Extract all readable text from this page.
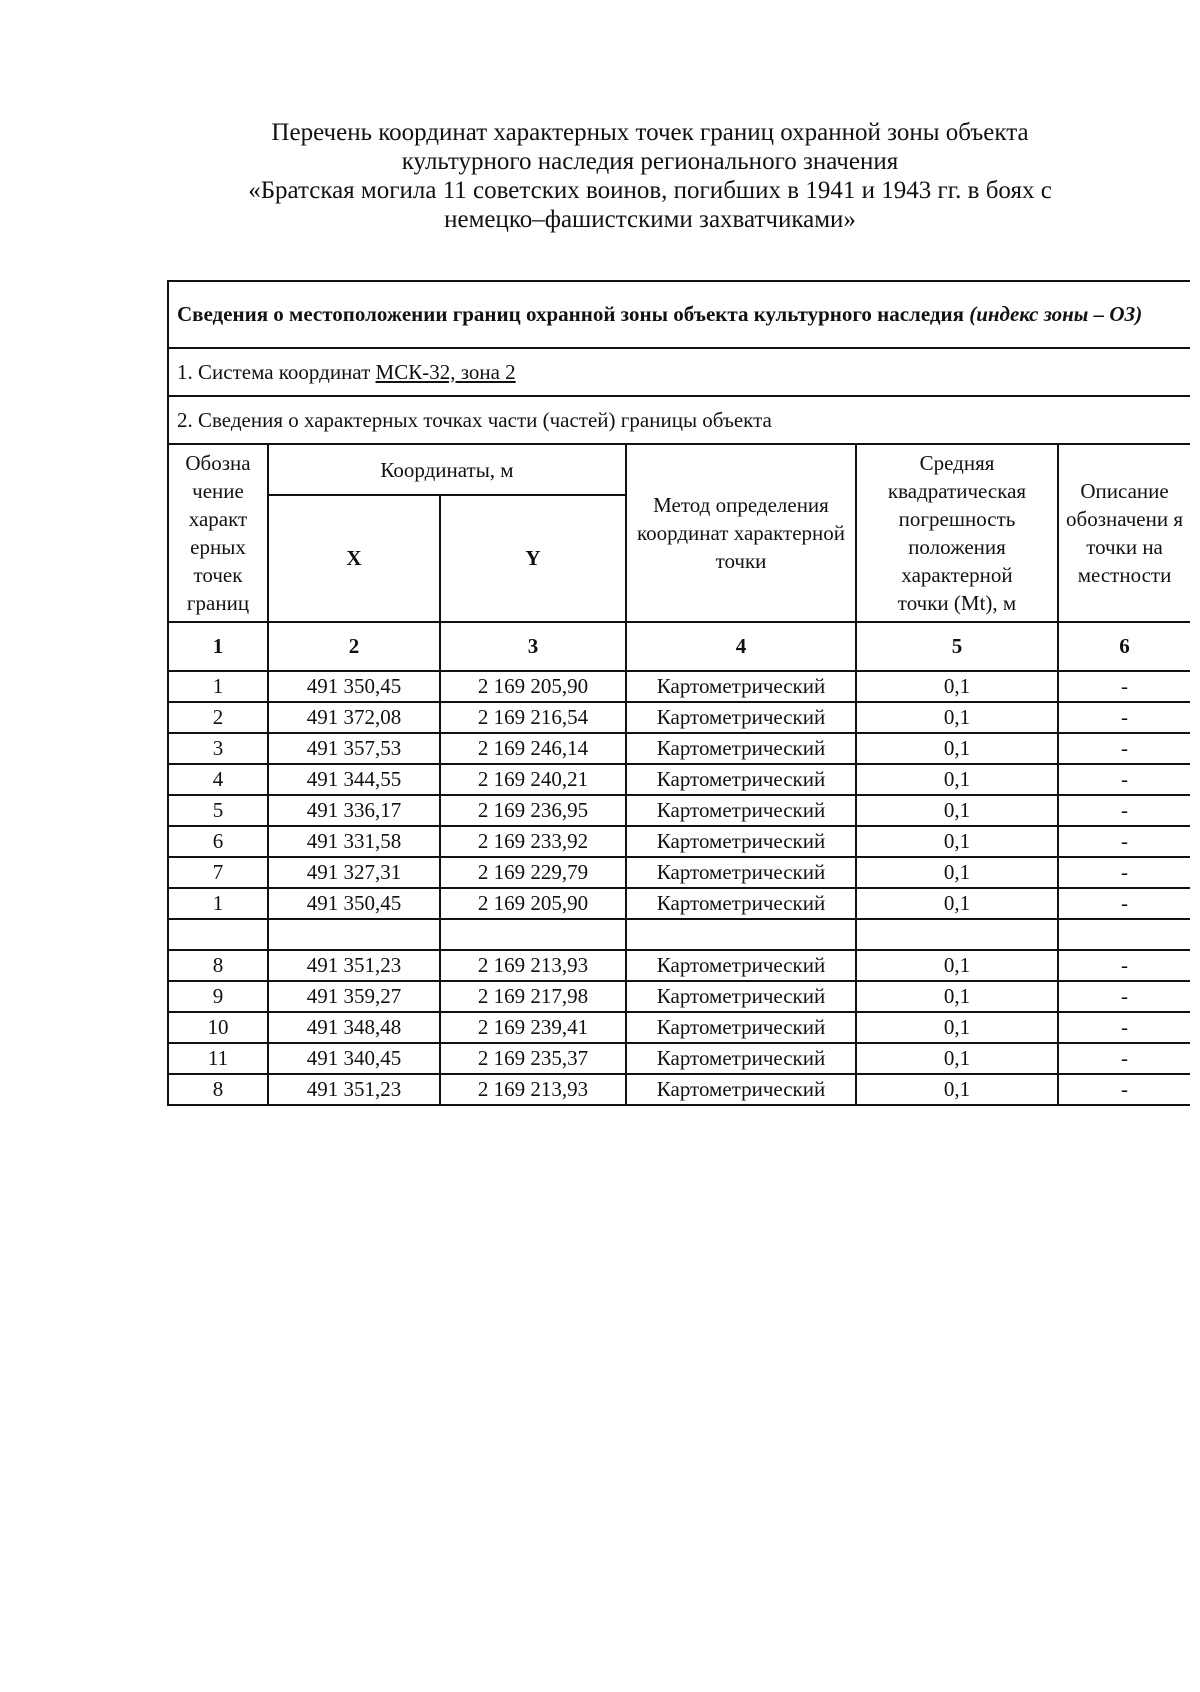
Перечень координат характерных точек границ охранной зоны объекта
культурного наследия регионального значения
«Братская могила 11 советских воинов, погибших в 1941 и 1943 гг. в боях с
немецко–фашистскими захватчиками»
Сведения о местоположении границ охранной зоны объекта культурного наследия (индекс зоны – ОЗ)					
1. Система координат МСК-32, зона 2					
2. Сведения о характерных точках части (частей) границы объекта					
Обозна чение характ ерных точек границ	Координаты, м		Метод определения координат характерной точки	Средняя квадратическая погрешность положения характерной точки (Mt), м	Описание обозначени я точки на местности
	X	Y			
1	2	3	4	5	6
1	491 350,45	2 169 205,90	Картометрический	0,1	-
2	491 372,08	2 169 216,54	Картометрический	0,1	-
3	491 357,53	2 169 246,14	Картометрический	0,1	-
4	491 344,55	2 169 240,21	Картометрический	0,1	-
5	491 336,17	2 169 236,95	Картометрический	0,1	-
6	491 331,58	2 169 233,92	Картометрический	0,1	-
7	491 327,31	2 169 229,79	Картометрический	0,1	-
1	491 350,45	2 169 205,90	Картометрический	0,1	-

8	491 351,23	2 169 213,93	Картометрический	0,1	-
9	491 359,27	2 169 217,98	Картометрический	0,1	-
10	491 348,48	2 169 239,41	Картометрический	0,1	-
11	491 340,45	2 169 235,37	Картометрический	0,1	-
8	491 351,23	2 169 213,93	Картометрический	0,1	-
